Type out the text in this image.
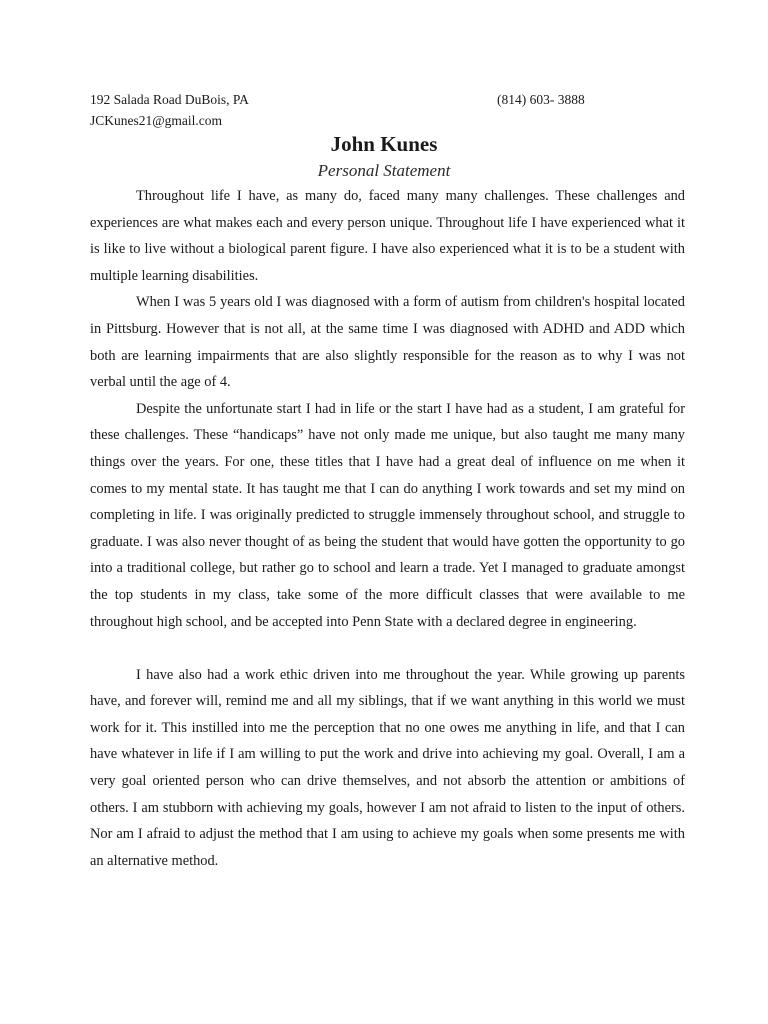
192 Salada Road DuBois, PA	(814) 603- 3888
JCKunes21@gmail.com
John Kunes
Personal Statement

Throughout life I have, as many do, faced many many challenges. These challenges and experiences are what makes each and every person unique. Throughout life I have experienced what it is like to live without a biological parent figure. I have also experienced what it is to be a student with multiple learning disabilities.

When I was 5 years old I was diagnosed with a form of autism from children's hospital located in Pittsburg. However that is not all, at the same time I was diagnosed with ADHD and ADD which both are learning impairments that are also slightly responsible for the reason as to why I was not verbal until the age of 4.

Despite the unfortunate start I had in life or the start I have had as a student, I am grateful for these challenges. These “handicaps” have not only made me unique, but also taught me many many things over the years. For one, these titles that I have had a great deal of influence on me when it comes to my mental state. It has taught me that I can do anything I work towards and set my mind on completing in life. I was originally predicted to struggle immensely throughout school, and struggle to graduate. I was also never thought of as being the student that would have gotten the opportunity to go into a traditional college, but rather go to school and learn a trade. Yet I managed to graduate amongst the top students in my class, take some of the more difficult classes that were available to me throughout high school, and be accepted into Penn State with a declared degree in engineering.

I have also had a work ethic driven into me throughout the year. While growing up parents have, and forever will, remind me and all my siblings, that if we want anything in this world we must work for it. This instilled into me the perception that no one owes me anything in life, and that I can have whatever in life if I am willing to put the work and drive into achieving my goal. Overall, I am a very goal oriented person who can drive themselves, and not absorb the attention or ambitions of others. I am stubborn with achieving my goals, however I am not afraid to listen to the input of others. Nor am I afraid to adjust the method that I am using to achieve my goals when some presents me with an alternative method.
